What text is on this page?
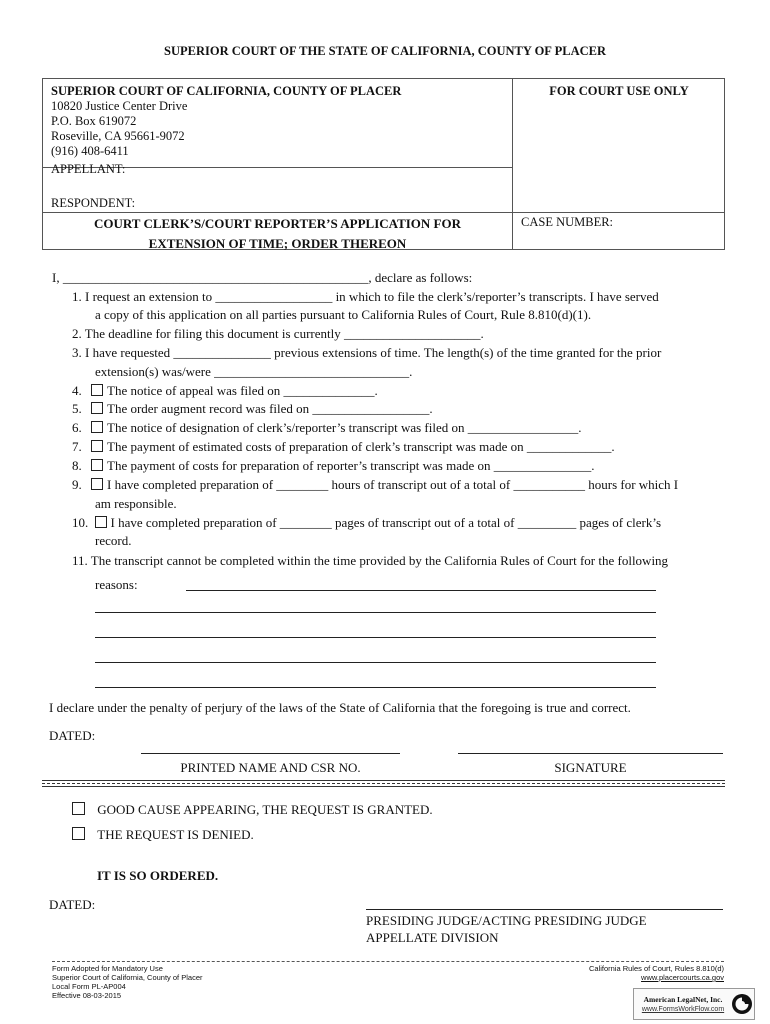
SUPERIOR COURT OF THE STATE OF CALIFORNIA, COUNTY OF PLACER
SUPERIOR COURT OF CALIFORNIA, COUNTY OF PLACER
10820 Justice Center Drive
P.O. Box 619072
Roseville, CA 95661-9072
(916) 408-6411
APPELLANT:
RESPONDENT:
FOR COURT USE ONLY
CASE NUMBER:
COURT CLERK’S/COURT REPORTER’S APPLICATION FOR
EXTENSION OF TIME; ORDER THEREON
I, _______________________________________________, declare as follows:
1. I request an extension to __________________ in which to file the clerk’s/reporter’s transcripts. I have served
a copy of this application on all parties pursuant to California Rules of Court, Rule 8.810(d)(1).
2. The deadline for filing this document is currently _____________________.
3. I have requested _______________ previous extensions of time. The length(s) of the time granted for the prior
extension(s) was/were ______________________________.
4. The notice of appeal was filed on ______________.
5. The order augment record was filed on __________________.
6. The notice of designation of clerk’s/reporter’s transcript was filed on _________________.
7. The payment of estimated costs of preparation of clerk’s transcript was made on _____________.
8. The payment of costs for preparation of reporter’s transcript was made on _______________.
9. I have completed preparation of ________ hours of transcript out of a total of ___________ hours for which I
am responsible.
10. I have completed preparation of ________ pages of transcript out of a total of _________ pages of clerk’s
record.
11. The transcript cannot be completed within the time provided by the California Rules of Court for the following
reasons:
I declare under the penalty of perjury of the laws of the State of California that the foregoing is true and correct.
DATED:
PRINTED NAME AND CSR NO.	SIGNATURE
GOOD CAUSE APPEARING, THE REQUEST IS GRANTED.
THE REQUEST IS DENIED.
IT IS SO ORDERED.
DATED:
PRESIDING JUDGE/ACTING PRESIDING JUDGE
APPELLATE DIVISION
Form Adopted for Mandatory Use
Superior Court of California, County of Placer
Local Form PL-AP004
Effective 08-03-2015
California Rules of Court, Rules 8.810(d)
www.placercourts.ca.gov
American LegalNet, Inc.
www.FormsWorkFlow.com
